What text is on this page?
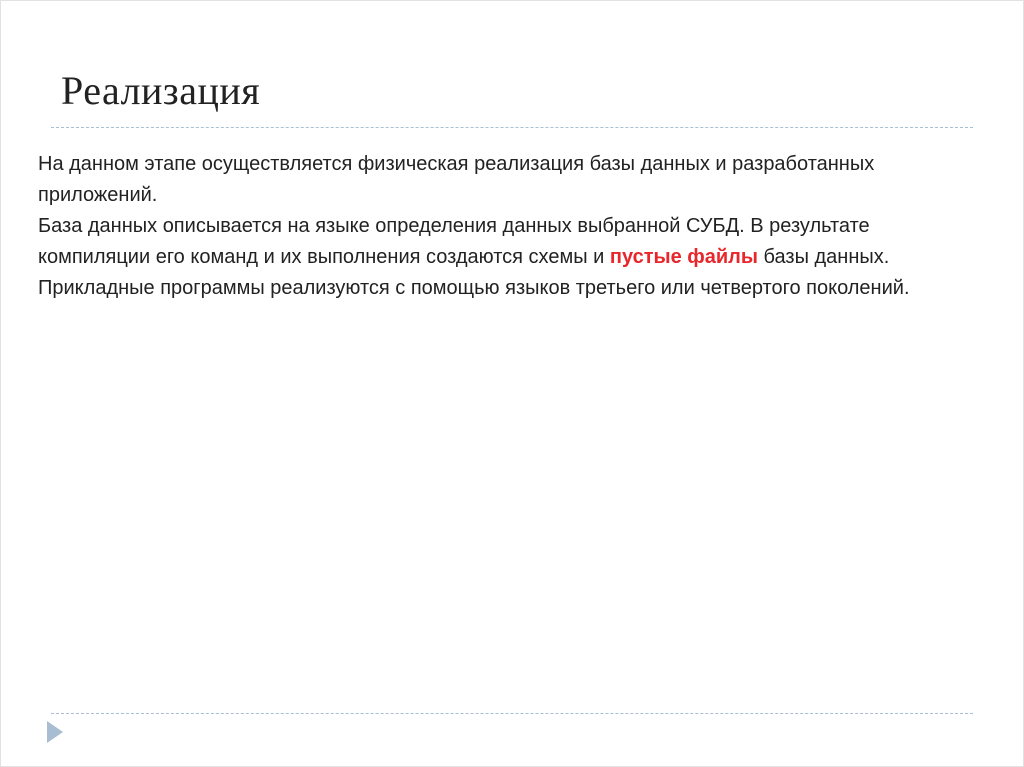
Реализация

На данном этапе осуществляется физическая реализация базы данных и разработанных приложений.

База данных описывается на языке определения данных выбранной СУБД. В результате компиляции его команд и их выполнения создаются схемы и пустые файлы базы данных.

Прикладные программы реализуются с помощью языков третьего или четвертого поколений.
